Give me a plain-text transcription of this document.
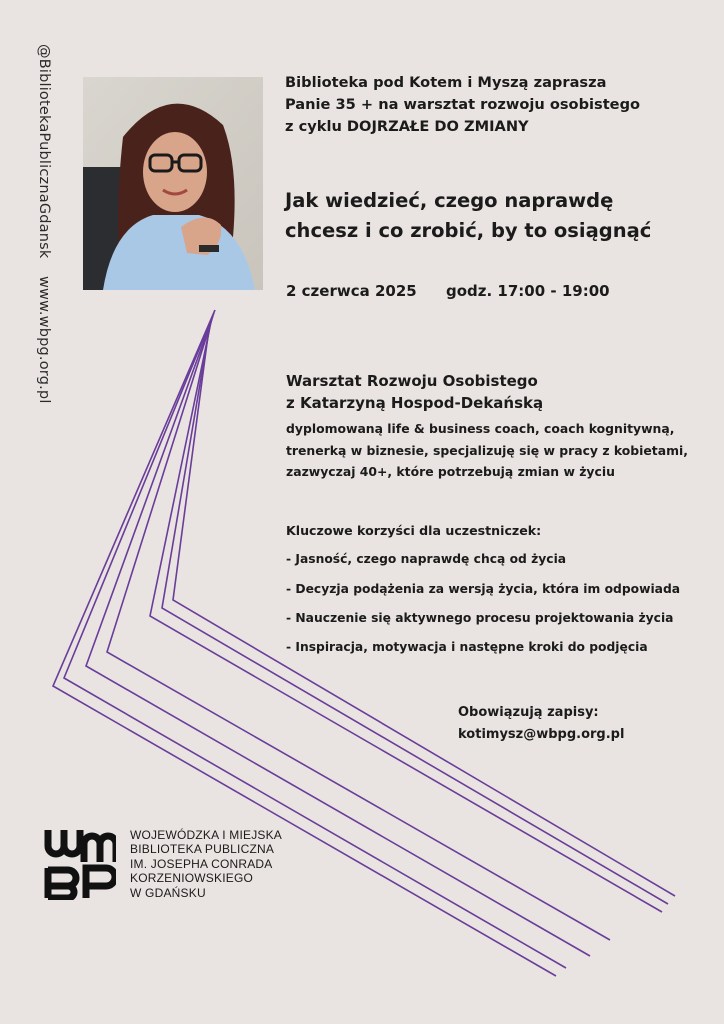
@BibliotekaPublicznaGdansk
www.wbpg.org.pl
Biblioteka pod Kotem i Myszą zaprasza
Panie 35 + na warsztat rozwoju osobistego
z cyklu DOJRZAŁE DO ZMIANY
Jak wiedzieć, czego naprawdę
chcesz i co zrobić, by to osiągnąć
2 czerwca 2025 godz. 17:00 - 19:00
Warsztat Rozwoju Osobistego
z Katarzyną Hospod-Dekańską
dyplomowaną life & business coach, coach kognitywną,
trenerką w biznesie, specjalizuję się w pracy z kobietami,
zazwyczaj 40+, które potrzebują zmian w życiu
Kluczowe korzyści dla uczestniczek:
- Jasność, czego naprawdę chcą od życia
- Decyzja podążenia za wersją życia, która im odpowiada
- Nauczenie się aktywnego procesu projektowania życia
- Inspiracja, motywacja i następne kroki do podjęcia
Obowiązują zapisy:
kotimysz@wbpg.org.pl
WOJEWÓDZKA I MIEJSKA
BIBLIOTEKA PUBLICZNA
IM. JOSEPHA CONRADA
KORZENIOWSKIEGO
W GDAŃSKU
